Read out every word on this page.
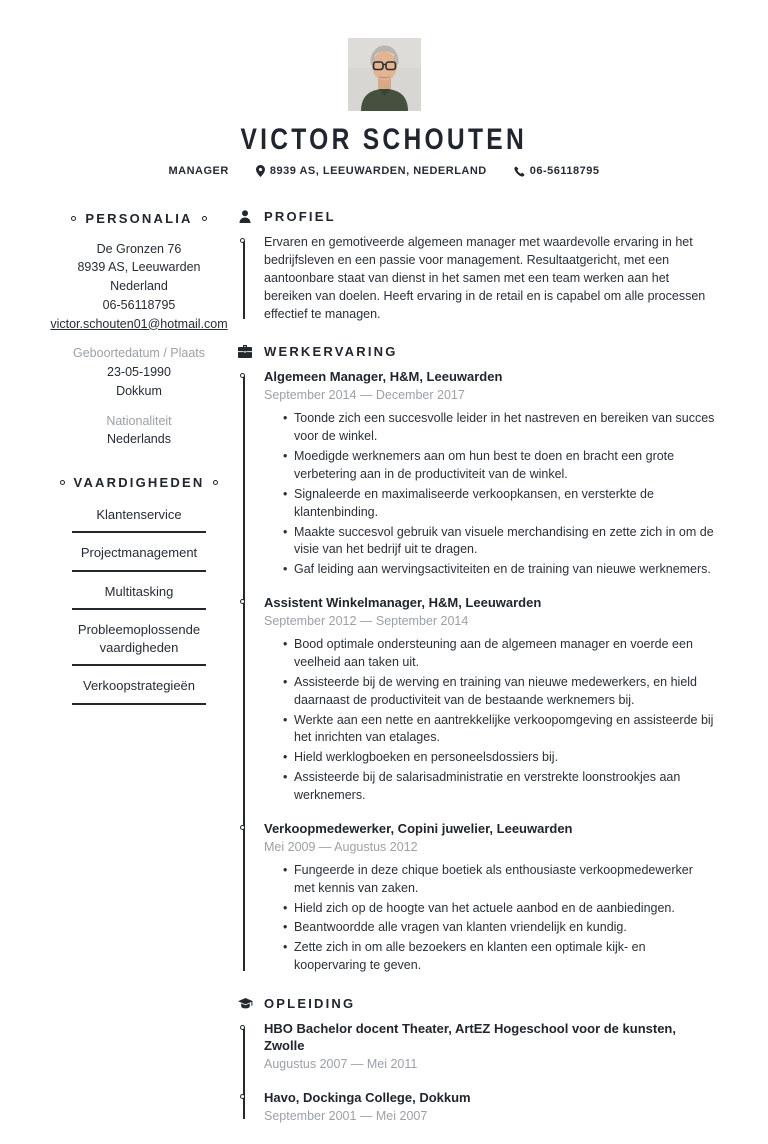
VICTOR SCHOUTEN
MANAGER	8939 AS, LEEUWARDEN, NEDERLAND	06-56118795
PERSONALIA
De Gronzen 76
8939 AS, Leeuwarden
Nederland
06-56118795
victor.schouten01@hotmail.com
Geboortedatum / Plaats
23-05-1990
Dokkum
Nationaliteit
Nederlands
VAARDIGHEDEN
Klantenservice
Projectmanagement
Multitasking
Probleemoplossende vaardigheden
Verkoopstrategieën
PROFIEL
Ervaren en gemotiveerde algemeen manager met waardevolle ervaring in het bedrijfsleven en een passie voor management. Resultaatgericht, met een aantoonbare staat van dienst in het samen met een team werken aan het bereiken van doelen. Heeft ervaring in de retail en is capabel om alle processen effectief te managen.
WERKERVARING
Algemeen Manager, H&M, Leeuwarden
September 2014 — December 2017
• Toonde zich een succesvolle leider in het nastreven en bereiken van succes voor de winkel.
• Moedigde werknemers aan om hun best te doen en bracht een grote verbetering aan in de productiviteit van de winkel.
• Signaleerde en maximaliseerde verkoopkansen, en versterkte de klantenbinding.
• Maakte succesvol gebruik van visuele merchandising en zette zich in om de visie van het bedrijf uit te dragen.
• Gaf leiding aan wervingsactiviteiten en de training van nieuwe werknemers.
Assistent Winkelmanager, H&M, Leeuwarden
September 2012 — September 2014
• Bood optimale ondersteuning aan de algemeen manager en voerde een veelheid aan taken uit.
• Assisteerde bij de werving en training van nieuwe medewerkers, en hield daarnaast de productiviteit van de bestaande werknemers bij.
• Werkte aan een nette en aantrekkelijke verkoopomgeving en assisteerde bij het inrichten van etalages.
• Hield werklogboeken en personeelsdossiers bij.
• Assisteerde bij de salarisadministratie en verstrekte loonstrookjes aan werknemers.
Verkoopmedewerker, Copini juwelier, Leeuwarden
Mei 2009 — Augustus 2012
• Fungeerde in deze chique boetiek als enthousiaste verkoopmedewerker met kennis van zaken.
• Hield zich op de hoogte van het actuele aanbod en de aanbiedingen.
• Beantwoordde alle vragen van klanten vriendelijk en kundig.
• Zette zich in om alle bezoekers en klanten een optimale kijk- en koopervaring te geven.
OPLEIDING
HBO Bachelor docent Theater, ArtEZ Hogeschool voor de kunsten, Zwolle
Augustus 2007 — Mei 2011
Havo, Dockinga College, Dokkum
September 2001 — Mei 2007
